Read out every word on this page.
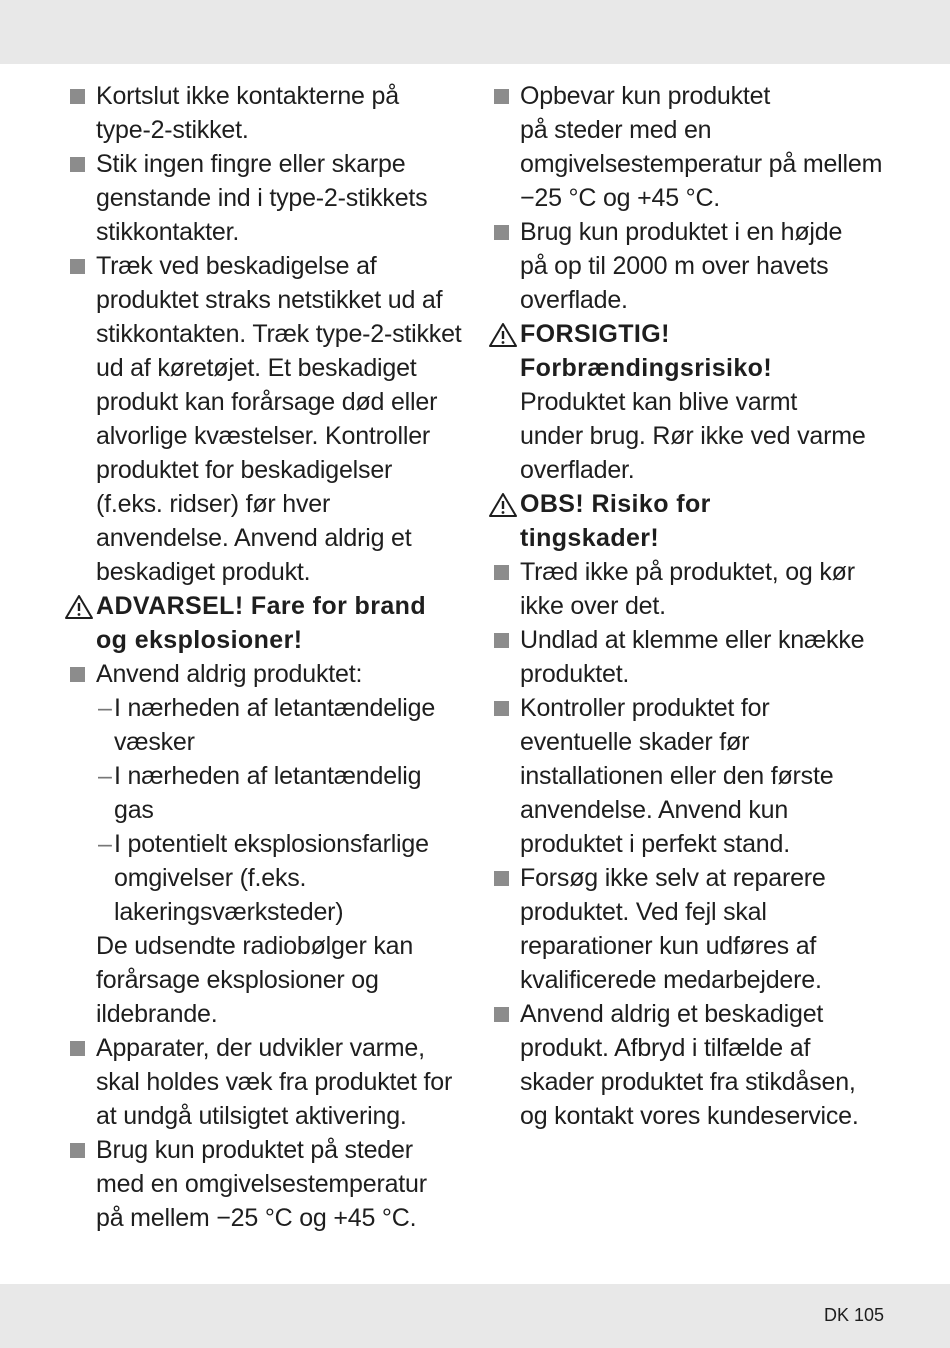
Kortslut ikke kontakterne på
type-2-stikket.
Stik ingen fingre eller skarpe
genstande ind i type-2-stikkets
stikkontakter.
Træk ved beskadigelse af
produktet straks netstikket ud af
stikkontakten. Træk type-2-stikket
ud af køretøjet. Et beskadiget
produkt kan forårsage død eller
alvorlige kvæstelser. Kontroller
produktet for beskadigelser
(f.eks. ridser) før hver
anvendelse. Anvend aldrig et
beskadiget produkt.
ADVARSEL! Fare for brand
og eksplosioner!
Anvend aldrig produktet:
– I nærheden af letantændelige
væsker
– I nærheden af letantændelig
gas
– I potentielt eksplosionsfarlige
omgivelser (f.eks.
lakeringsværksteder)
De udsendte radiobølger kan
forårsage eksplosioner og
ildebrande.
Apparater, der udvikler varme,
skal holdes væk fra produktet for
at undgå utilsigtet aktivering.
Brug kun produktet på steder
med en omgivelsestemperatur
på mellem −25 °C og +45 °C.
Opbevar kun produktet
på steder med en
omgivelsestemperatur på mellem
−25 °C og +45 °C.
Brug kun produktet i en højde
på op til 2000 m over havets
overflade.
FORSIGTIG!
Forbrændingsrisiko!
Produktet kan blive varmt
under brug. Rør ikke ved varme
overflader.
OBS! Risiko for
tingskader!
Træd ikke på produktet, og kør
ikke over det.
Undlad at klemme eller knække
produktet.
Kontroller produktet for
eventuelle skader før
installationen eller den første
anvendelse. Anvend kun
produktet i perfekt stand.
Forsøg ikke selv at reparere
produktet. Ved fejl skal
reparationer kun udføres af
kvalificerede medarbejdere.
Anvend aldrig et beskadiget
produkt. Afbryd i tilfælde af
skader produktet fra stikdåsen,
og kontakt vores kundeservice.
DK 105
